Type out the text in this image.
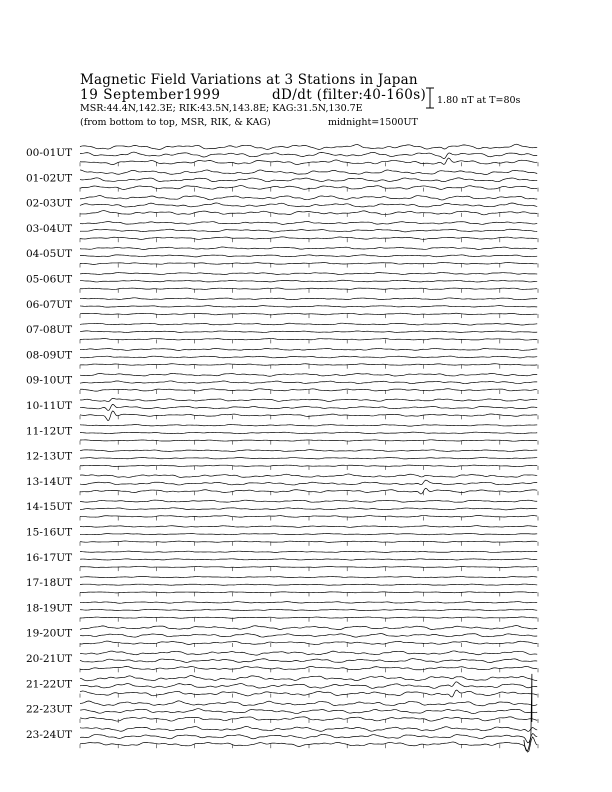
Magnetic Field Variations at 3 Stations in Japan
19 September1999	dD/dt (filter:40-160s)
MSR:44.4N,142.3E; RIK:43.5N,143.8E; KAG:31.5N,130.7E
(from bottom to top, MSR, RIK, & KAG)	midnight=1500UT
1.80 nT at T=80s
00-01UT
01-02UT
02-03UT
03-04UT
04-05UT
05-06UT
06-07UT
07-08UT
08-09UT
09-10UT
10-11UT
11-12UT
12-13UT
13-14UT
14-15UT
15-16UT
16-17UT
17-18UT
18-19UT
19-20UT
20-21UT
21-22UT
22-23UT
23-24UT
